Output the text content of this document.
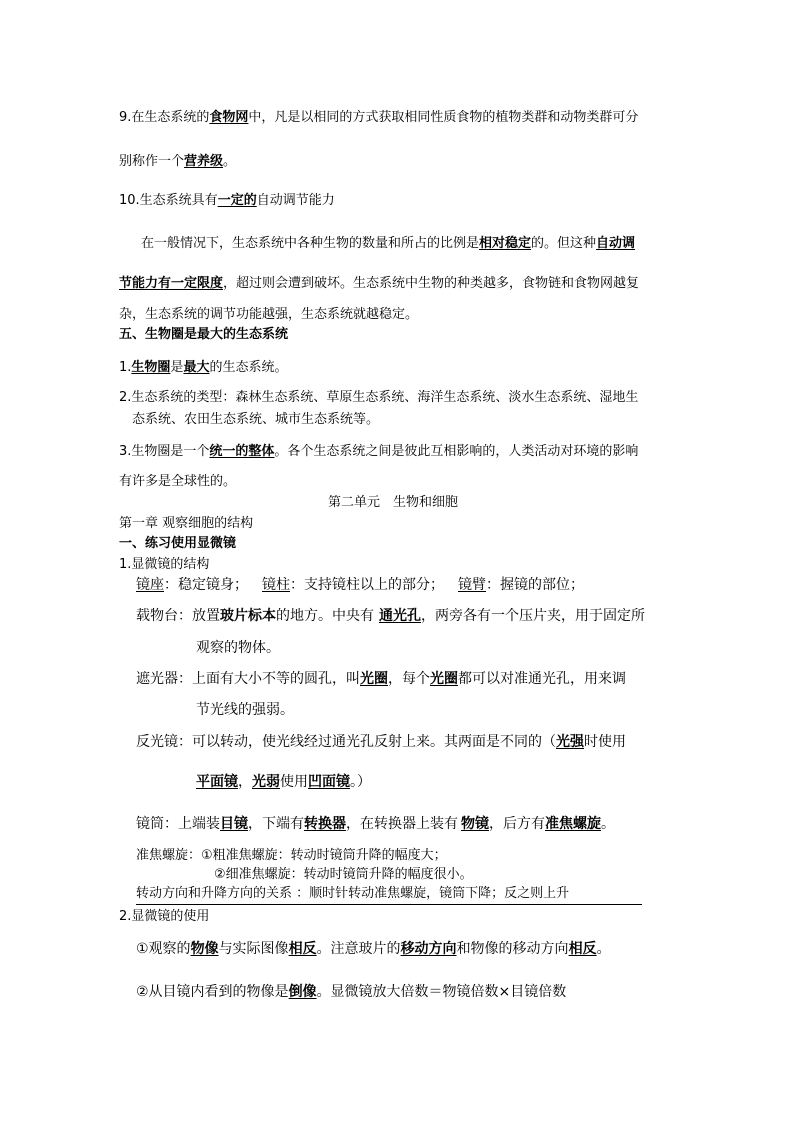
9.在生态系统的食物网中，凡是以相同的方式获取相同性质食物的植物类群和动物类群可分
别称作一个营养级。
10.生态系统具有一定的自动调节能力
在一般情况下，生态系统中各种生物的数量和所占的比例是相对稳定的。但这种自动调
节能力有一定限度，超过则会遭到破坏。生态系统中生物的种类越多，食物链和食物网越复
杂，生态系统的调节功能越强，生态系统就越稳定。
五、生物圈是最大的生态系统
1.生物圈是最大的生态系统。
2.生态系统的类型：森林生态系统、草原生态系统、海洋生态系统、淡水生态系统、湿地生
态系统、农田生态系统、城市生态系统等。
3.生物圈是一个统一的整体。各个生态系统之间是彼此互相影响的，人类活动对环境的影响
有许多是全球性的。
第二单元　生物和细胞
第一章 观察细胞的结构
一、练习使用显微镜
1.显微镜的结构
镜座：稳定镜身； 镜柱：支持镜柱以上的部分； 镜臂：握镜的部位；
载物台：放置玻片标本的地方。中央有 通光孔，两旁各有一个压片夹，用于固定所
观察的物体。
遮光器：上面有大小不等的圆孔，叫光圈，每个光圈都可以对准通光孔，用来调
节光线的强弱。
反光镜：可以转动，使光线经过通光孔反射上来。其两面是不同的（光强时使用
平面镜，光弱使用凹面镜。）
镜筒：上端装目镜，下端有转换器，在转换器上装有 物镜，后方有准焦螺旋。
准焦螺旋：①粗准焦螺旋：转动时镜筒升降的幅度大；
②细准焦螺旋：转动时镜筒升降的幅度很小。
转动方向和升降方向的关系 ：顺时针转动准焦螺旋，镜筒下降；反之则上升
2.显微镜的使用
①观察的物像与实际图像相反。注意玻片的移动方向和物像的移动方向相反。
②从目镜内看到的物像是倒像。显微镜放大倍数＝物镜倍数×目镜倍数
